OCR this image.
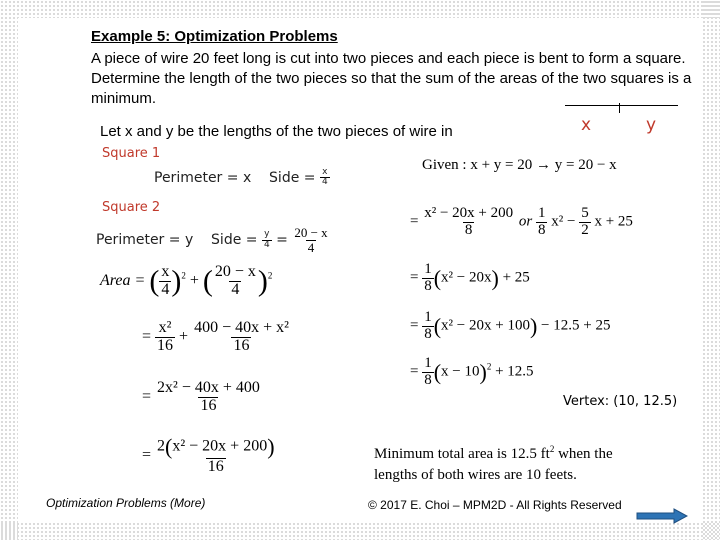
Example 5: Optimization Problems
A piece of wire 20 feet long is cut into two pieces and each piece is bent to form a square. Determine the length of the two pieces so that the sum of the areas of the two squares is a minimum.
Let x and y be the lengths of the two pieces of wire in	x	y
Square 1
Perimeter = x Side = $\frac{x}{4}$
Square 2
Perimeter = y Side = $\frac{y}{4} = \frac{20 - x}{4}$
Area = ( $\frac{x}{4} )^2$ + ( $\frac{20 - x}{4} )^2$
= $\frac{\text{x²}}{16} + \frac{\text{400 − 40x + x²}}{16}$
= $\frac{\text{2x² − 40x + 400}}{16}$
= $\frac{\text{2(x² − 20x + 200)}}{16}$
Given : x + y = 20 → y = 20 − x
= $\frac{\text{x² − 20x + 200}}{8}$ or $\frac{1}{8} x^2 - \frac{5}{2}$ x + 25
= $\frac{1}{8} (x^2 - 20x) + 25$
= $\frac{1}{8} (x^2 - 20x + 100) - 12.5 + 25$
= $\frac{1}{8} (x - 10)^2 + 12.5$
Vertex: (10, 12.5)
Minimum total area is 12.5 $ft^2$ when the
lengths of both wires are 10 feets.
Optimization Problems (More)	© 2017 E. Choi – MPM2D - All Rights Reserved
